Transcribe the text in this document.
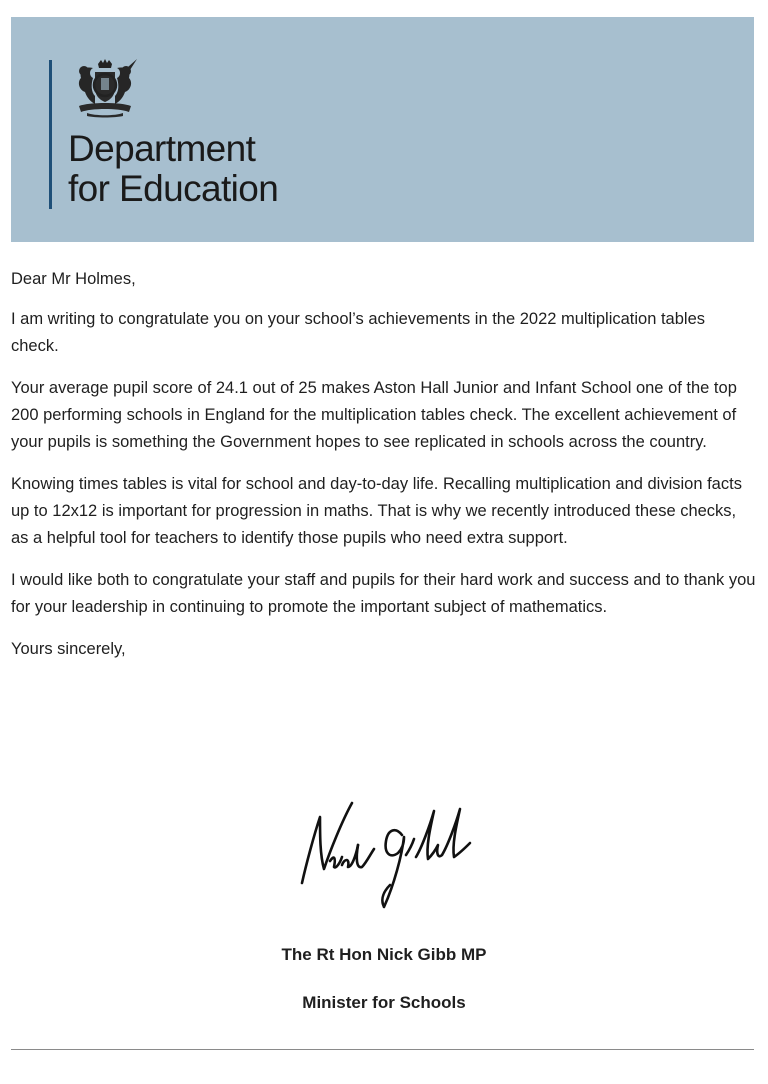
Department
for Education

Dear Mr Holmes,

I am writing to congratulate you on your school’s achievements in the 2022 multiplication tables check.

Your average pupil score of 24.1 out of 25 makes Aston Hall Junior and Infant School one of the top 200 performing schools in England for the multiplication tables check. The excellent achievement of your pupils is something the Government hopes to see replicated in schools across the country.

Knowing times tables is vital for school and day-to-day life. Recalling multiplication and division facts up to 12x12 is important for progression in maths. That is why we recently introduced these checks, as a helpful tool for teachers to identify those pupils who need extra support.

I would like both to congratulate your staff and pupils for their hard work and success and to thank you for your leadership in continuing to promote the important subject of mathematics.

Yours sincerely,

The Rt Hon Nick Gibb MP
Minister for Schools
